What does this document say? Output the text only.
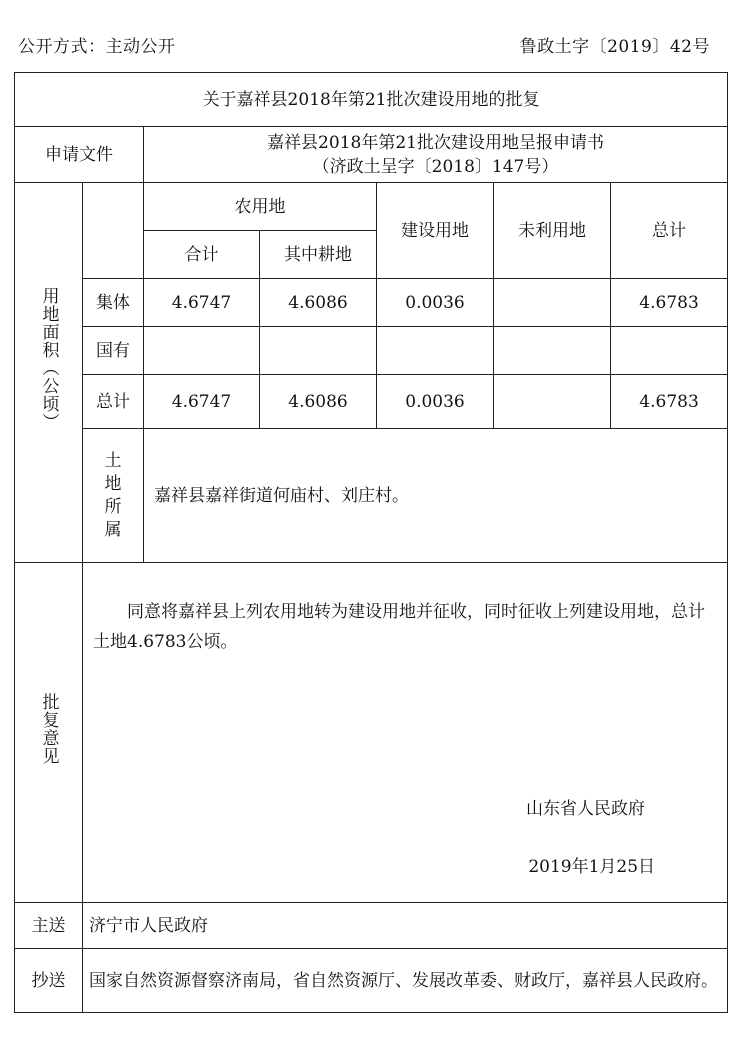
公开方式：主动公开	鲁政土字〔2019〕42号
关于嘉祥县2018年第21批次建设用地的批复						
申请文件		嘉祥县2018年第21批次建设用地呈报申请书
（济政土呈字〔2018〕147号）				

用地面积（公顷）		农用地		建设用地	未利用地	总计
		合计	其中耕地			
	集体	4.6747	4.6086	0.0036		4.6783
	国有					
	总计	4.6747	4.6086	0.0036		4.6783
	土地所属	嘉祥县嘉祥街道何庙村、刘庄村。				
批复意见	同意将嘉祥县上列农用地转为建设用地并征收，同时征收上列建设用地，总计土地4.6783公顷。
山东省人民政府
2019年1月25日					

主送	济宁市人民政府					
抄送	国家自然资源督察济南局，省自然资源厅、发展改革委、财政厅，嘉祥县人民政府。					
